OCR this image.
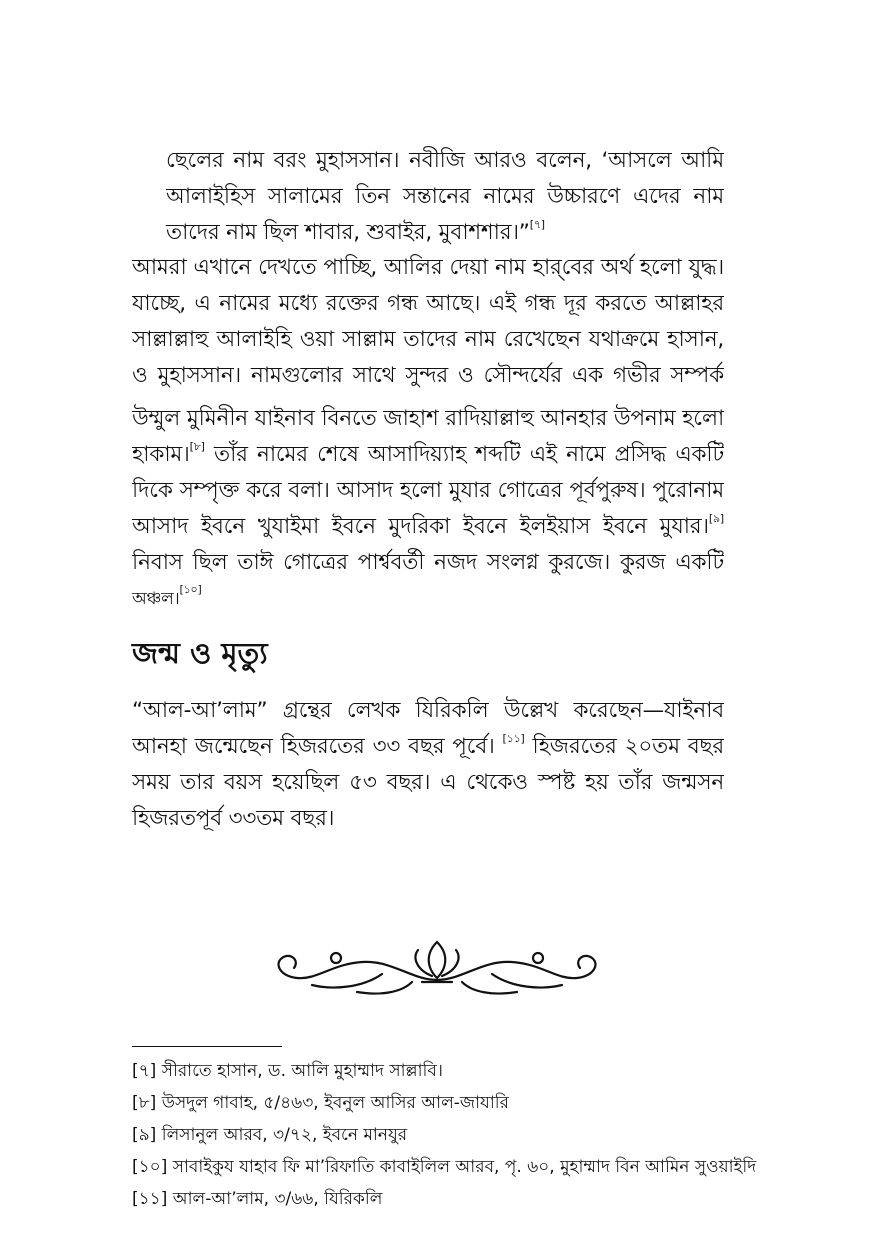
ছেলের নাম বরং মুহাসসান। নবীজি আরও বলেন, ‘আসলে আমি
আলাইহিস সালামের তিন সন্তানের নামের উচ্চারণে এদের নাম
তাদের নাম ছিল শাবার, শুবাইর, মুবাশশার।”[৭]
আমরা এখানে দেখতে পাচ্ছি, আলির দেয়া নাম হার্‌বের অর্থ হলো যুদ্ধ।
যাচ্ছে, এ নামের মধ্যে রক্তের গন্ধ আছে। এই গন্ধ দূর করতে আল্লাহর
সাল্লাল্লাহু আলাইহি ওয়া সাল্লাম তাদের নাম রেখেছেন যথাক্রমে হাসান,
ও মুহাসসান। নামগুলোর সাথে সুন্দর ও সৌন্দর্যের এক গভীর সম্পর্ক
উম্মুল মুমিনীন যাইনাব বিনতে জাহাশ রাদিয়াল্লাহু আনহার উপনাম হলো
হাকাম।[৮] তাঁর নামের শেষে আসাদিয়্যাহ শব্দটি এই নামে প্রসিদ্ধ একটি
দিকে সম্পৃক্ত করে বলা। আসাদ হলো মুযার গোত্রের পূর্বপুরুষ। পুরোনাম
আসাদ ইবনে খুযাইমা ইবনে মুদরিকা ইবনে ইলইয়াস ইবনে মুযার।[৯]
নিবাস ছিল তাঈ গোত্রের পার্শ্ববর্তী নজদ সংলগ্ন কুরজে। কুরজ একটি
অঞ্চল।[১০]
জন্ম ও মৃত্যু
“আল-আ’লাম” গ্রন্থের লেখক যিরিকলি উল্লেখ করেছেন—যাইনাব
আনহা জন্মেছেন হিজরতের ৩৩ বছর পূর্বে। [১১] হিজরতের ২০তম বছর
সময় তার বয়স হয়েছিল ৫৩ বছর। এ থেকেও স্পষ্ট হয় তাঁর জন্মসন
হিজরতপূর্ব ৩৩তম বছর।
[৭] সীরাতে হাসান, ড. আলি মুহাম্মাদ সাল্লাবি।
[৮] উসদুল গাবাহ, ৫/৪৬৩, ইবনুল আসির আল-জাযারি
[৯] লিসানুল আরব, ৩/৭২, ইবনে মানযুর
[১০] সাবাইকুয যাহাব ফি মা’রিফাতি কাবাইলিল আরব, পৃ. ৬০, মুহাম্মাদ বিন আমিন সুওয়াইদি
[১১] আল-আ’লাম, ৩/৬৬, যিরিকলি
